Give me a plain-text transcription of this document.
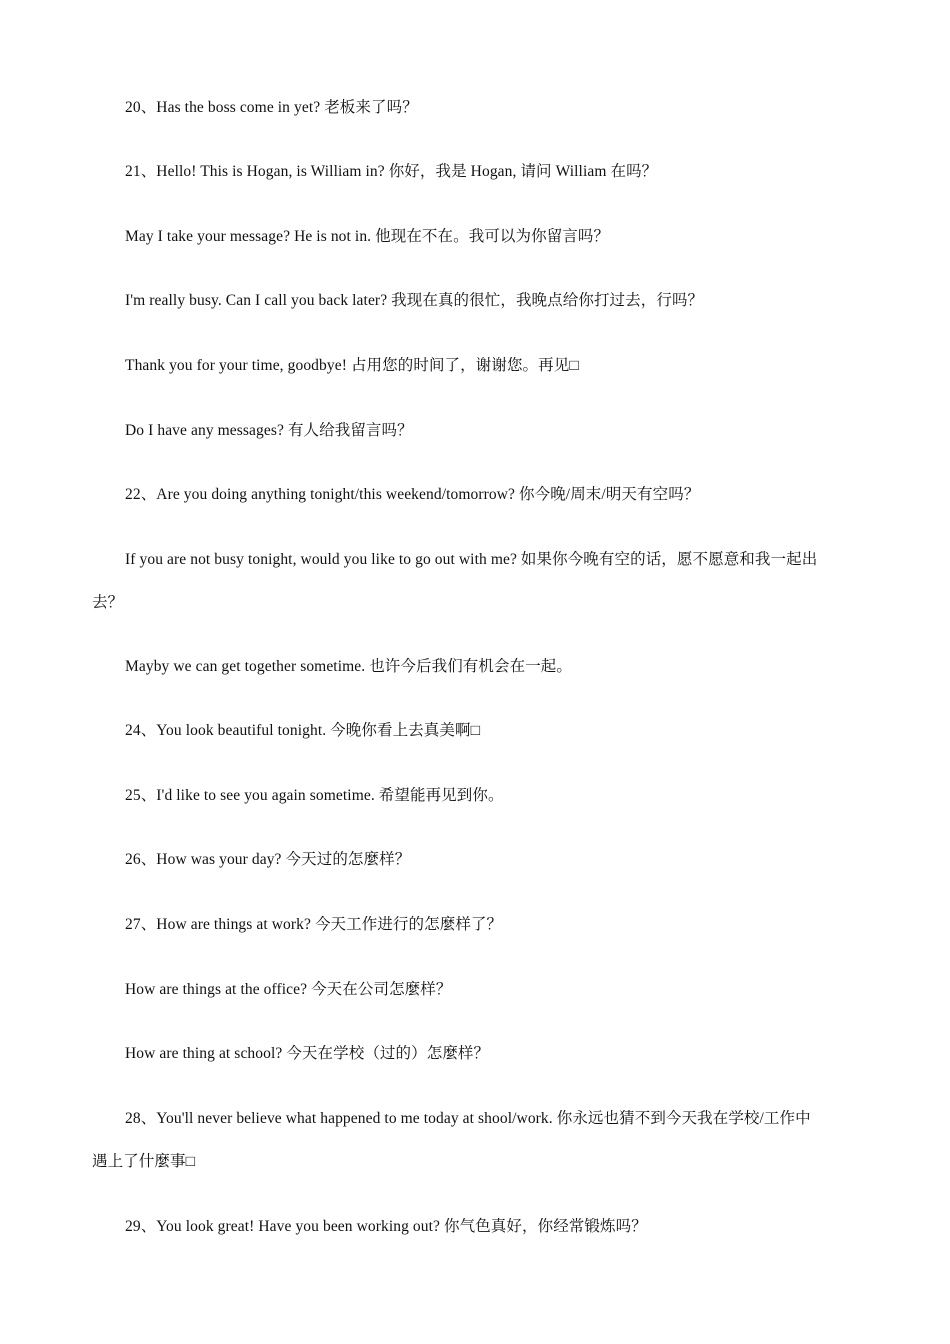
20、Has the boss come in yet? 老板来了吗？
21、Hello! This is Hogan, is William in? 你好，我是 Hogan, 请问 William 在吗？
May I take your message? He is not in. 他现在不在。我可以为你留言吗？
I'm really busy. Can I call you back later? 我现在真的很忙，我晚点给你打过去，行吗？
Thank you for your time, goodbye! 占用您的时间了，谢谢您。再见□
Do I have any messages? 有人给我留言吗？
22、Are you doing anything tonight/this weekend/tomorrow? 你今晚/周末/明天有空吗？
If you are not busy tonight, would you like to go out with me? 如果你今晚有空的话，愿不愿意和我一起出
去？
Mayby we can get together sometime. 也许今后我们有机会在一起。
24、You look beautiful tonight. 今晚你看上去真美啊□
25、I'd like to see you again sometime. 希望能再见到你。
26、How was your day? 今天过的怎麼样？
27、How are things at work? 今天工作进行的怎麼样了？
How are things at the office? 今天在公司怎麼样？
How are thing at school? 今天在学校（过的）怎麼样？
28、You'll never believe what happened to me today at shool/work. 你永远也猜不到今天我在学校/工作中
遇上了什麼事□
29、You look great! Have you been working out? 你气色真好，你经常锻炼吗？
